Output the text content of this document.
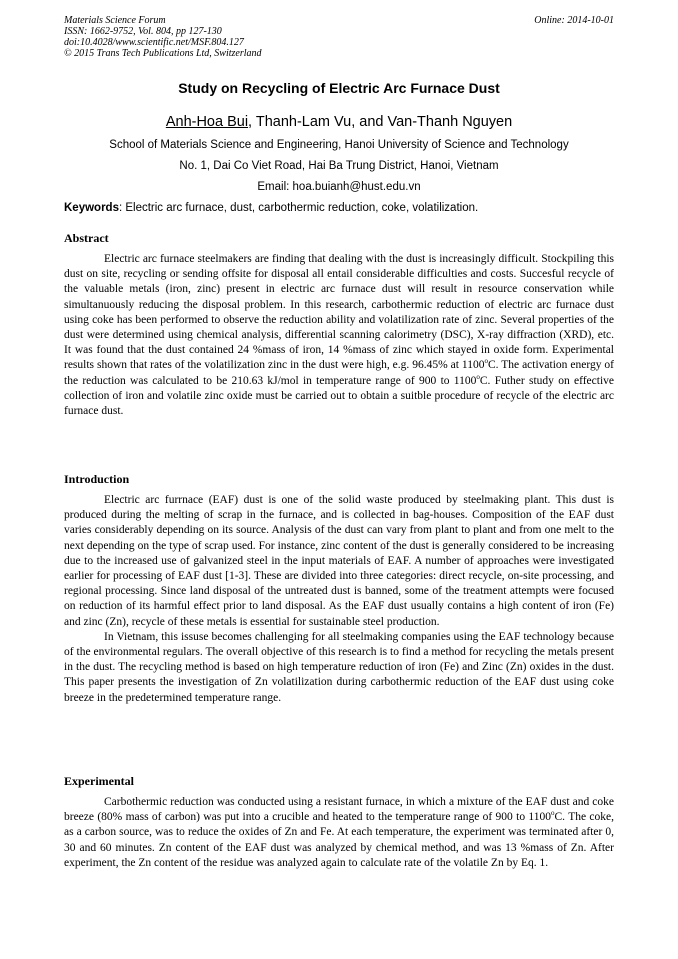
Materials Science Forum
ISSN: 1662-9752, Vol. 804, pp 127-130
doi:10.4028/www.scientific.net/MSF.804.127
© 2015 Trans Tech Publications Ltd, Switzerland
Online: 2014-10-01
Study on Recycling of Electric Arc Furnace Dust
Anh-Hoa Bui, Thanh-Lam Vu, and Van-Thanh Nguyen
School of Materials Science and Engineering, Hanoi University of Science and Technology
No. 1, Dai Co Viet Road, Hai Ba Trung District, Hanoi, Vietnam
Email: hoa.buianh@hust.edu.vn
Keywords: Electric arc furnace, dust, carbothermic reduction, coke, volatilization.
Abstract

Electric arc furnace steelmakers are finding that dealing with the dust is increasingly difficult. Stockpiling this dust on site, recycling or sending offsite for disposal all entail considerable difficulties and costs. Succesful recycle of the valuable metals (iron, zinc) present in electric arc furnace dust will result in resource conservation while simultanuously reducing the disposal problem. In this research, carbothermic reduction of electric arc furnace dust using coke has been performed to observe the reduction ability and volatilization rate of zinc. Several properties of the dust were determined using chemical analysis, differential scanning calorimetry (DSC), X-ray diffraction (XRD), etc. It was found that the dust contained 24 %mass of iron, 14 %mass of zinc which stayed in oxide form. Experimental results shown that rates of the volatilization zinc in the dust were high, e.g. 96.45% at 1100$^o$C. The activation energy of the reduction was calculated to be 210.63 kJ/mol in temperature range of 900 to 1100$^o$C. Futher study on effective collection of iron and volatile zinc oxide must be carried out to obtain a suitble procedure of recycle of the electric arc furnace dust.

Introduction

Electric arc furrnace (EAF) dust is one of the solid waste produced by steelmaking plant. This dust is produced during the melting of scrap in the furnace, and is collected in bag-houses. Composition of the EAF dust varies considerably depending on its source. Analysis of the dust can vary from plant to plant and from one melt to the next depending on the type of scrap used. For instance, zinc content of the dust is generally considered to be increasing due to the increased use of galvanized steel in the input materials of EAF. A number of approaches were investigated earlier for processing of EAF dust [1-3]. These are divided into three categories: direct recycle, on-site processing, and regional processing. Since land disposal of the untreated dust is banned, some of the treatment attempts were focused on reduction of its harmful effect prior to land disposal. As the EAF dust usually contains a high content of iron (Fe) and zinc (Zn), recycle of these metals is essential for sustainable steel production.

In Vietnam, this issuse becomes challenging for all steelmaking companies using the EAF technology because of the environmental regulars. The overall objective of this research is to find a method for recycling the metals present in the dust. The recycling method is based on high temperature reduction of iron (Fe) and Zinc (Zn) oxides in the dust. This paper presents the investigation of Zn volatilization during carbothermic reduction of the EAF dust using coke breeze in the predetermined temperature range.

Experimental

Carbothermic reduction was conducted using a resistant furnace, in which a mixture of the EAF dust and coke breeze (80% mass of carbon) was put into a crucible and heated to the temperature range of 900 to 1100$^o$C. The coke, as a carbon source, was to reduce the oxides of Zn and Fe. At each temperature, the experiment was terminated after 0, 30 and 60 minutes. Zn content of the EAF dust was analyzed by chemical method, and was 13 %mass of Zn. After experiment, the Zn content of the residue was analyzed again to calculate rate of the volatile Zn by Eq. 1.
